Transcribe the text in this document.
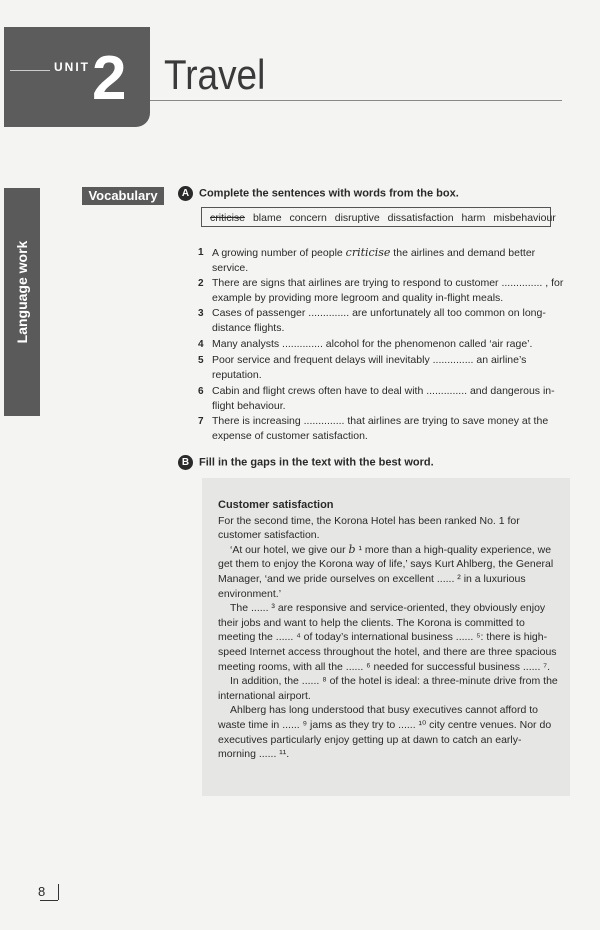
UNIT 2 Travel
Language work
Vocabulary	A Complete the sentences with words from the box.
criticise blame concern disruptive dissatisfaction harm misbehaviour
1 A growing number of people criticise the airlines and demand better service.
2 There are signs that airlines are trying to respond to customer .............. , for example by providing more legroom and quality in-flight meals.
3 Cases of passenger .............. are unfortunately all too common on long-distance flights.
4 Many analysts .............. alcohol for the phenomenon called ‘air rage’.
5 Poor service and frequent delays will inevitably .............. an airline’s reputation.
6 Cabin and flight crews often have to deal with .............. and dangerous in-flight behaviour.
7 There is increasing .............. that airlines are trying to save money at the expense of customer satisfaction.
B Fill in the gaps in the text with the best word.
Customer satisfaction

For the second time, the Korona Hotel has been ranked No. 1 for customer satisfaction.

‘At our hotel, we give our b ¹ more than a high-quality experience, we get them to enjoy the Korona way of life,’ says Kurt Ahlberg, the General Manager, ‘and we pride ourselves on excellent ...... ² in a luxurious environment.’

The ...... ³ are responsive and service-oriented, they obviously enjoy their jobs and want to help the clients. The Korona is committed to meeting the ...... ⁴ of today’s international business ...... ⁵: there is high-speed Internet access throughout the hotel, and there are three spacious meeting rooms, with all the ...... ⁶ needed for successful business ...... ⁷.

In addition, the ...... ⁸ of the hotel is ideal: a three-minute drive from the international airport.

Ahlberg has long understood that busy executives cannot afford to waste time in ...... ⁹ jams as they try to ...... ¹⁰ city centre venues. Nor do executives particularly enjoy getting up at dawn to catch an early-morning ...... ¹¹.

8
